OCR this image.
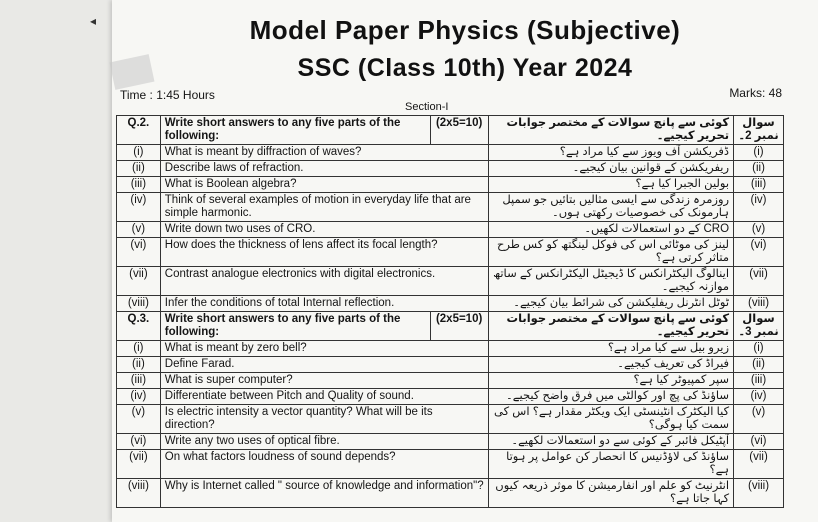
◂	Model Paper Physics (Subjective)
SSC (Class 10th) Year 2024
Time : 1:45 Hours	Marks: 48
Section-I
Q.2.	Write short answers to any five parts of the following:	(2x5=10)	کوئی سے پانچ سوالات کے مختصر جوابات تحریر کیجیے۔	سوال نمبر 2۔
(i)	What is meant by diffraction of waves?		ڈفریکشن آف ویوز سے کیا مراد ہے؟	(i)
(ii)	Describe laws of refraction.		ریفریکشن کے قوانین بیان کیجیے۔	(ii)
(iii)	What is Boolean algebra?		بولین الجبرا کیا ہے؟	(iii)
(iv)	Think of several examples of motion in everyday life that are simple harmonic.		روزمرہ زندگی سے ایسی مثالیں بتائیں جو سمپل ہارمونک کی خصوصیات رکھتی ہوں۔	(iv)
(v)	Write down two uses of CRO.		CRO کے دو استعمالات لکھیں۔	(v)
(vi)	How does the thickness of lens affect its focal length?		لینز کی موٹائی اس کی فوکل لینگتھ کو کس طرح متاثر کرتی ہے؟	(vi)
(vii)	Contrast analogue electronics with digital electronics.		اینالوگ الیکٹرانکس کا ڈیجیٹل الیکٹرانکس کے ساتھ موازنہ کیجیے۔	(vii)
(viii)	Infer the conditions of total Internal reflection.		ٹوٹل انٹرنل ریفلیکشن کی شرائط بیان کیجیے۔	(viii)
Q.3.	Write short answers to any five parts of the following:	(2x5=10)	کوئی سے پانچ سوالات کے مختصر جوابات تحریر کیجیے۔	سوال نمبر 3۔
(i)	What is meant by zero bell?		زیرو بیل سے کیا مراد ہے؟	(i)
(ii)	Define Farad.		فیراڈ کی تعریف کیجیے۔	(ii)
(iii)	What is super computer?		سپر کمپیوٹر کیا ہے؟	(iii)
(iv)	Differentiate between Pitch and Quality of sound.		ساؤنڈ کی پچ اور کوالٹی میں فرق واضح کیجیے۔	(iv)
(v)	Is electric intensity a vector quantity? What will be its direction?		کیا الیکٹرک انٹینسٹی ایک ویکٹر مقدار ہے؟ اس کی سمت کیا ہوگی؟	(v)
(vi)	Write any two uses of optical fibre.		آپٹیکل فائبر کے کوئی سے دو استعمالات لکھیے۔	(vi)
(vii)	On what factors loudness of sound depends?		ساؤنڈ کی لاؤڈنیس کا انحصار کن عوامل پر ہوتا ہے؟	(vii)
(viii)	Why is Internet called " source of knowledge and information"?		انٹرنیٹ کو علم اور انفارمیشن کا موثر ذریعہ کیوں کہا جاتا ہے؟	(viii)
